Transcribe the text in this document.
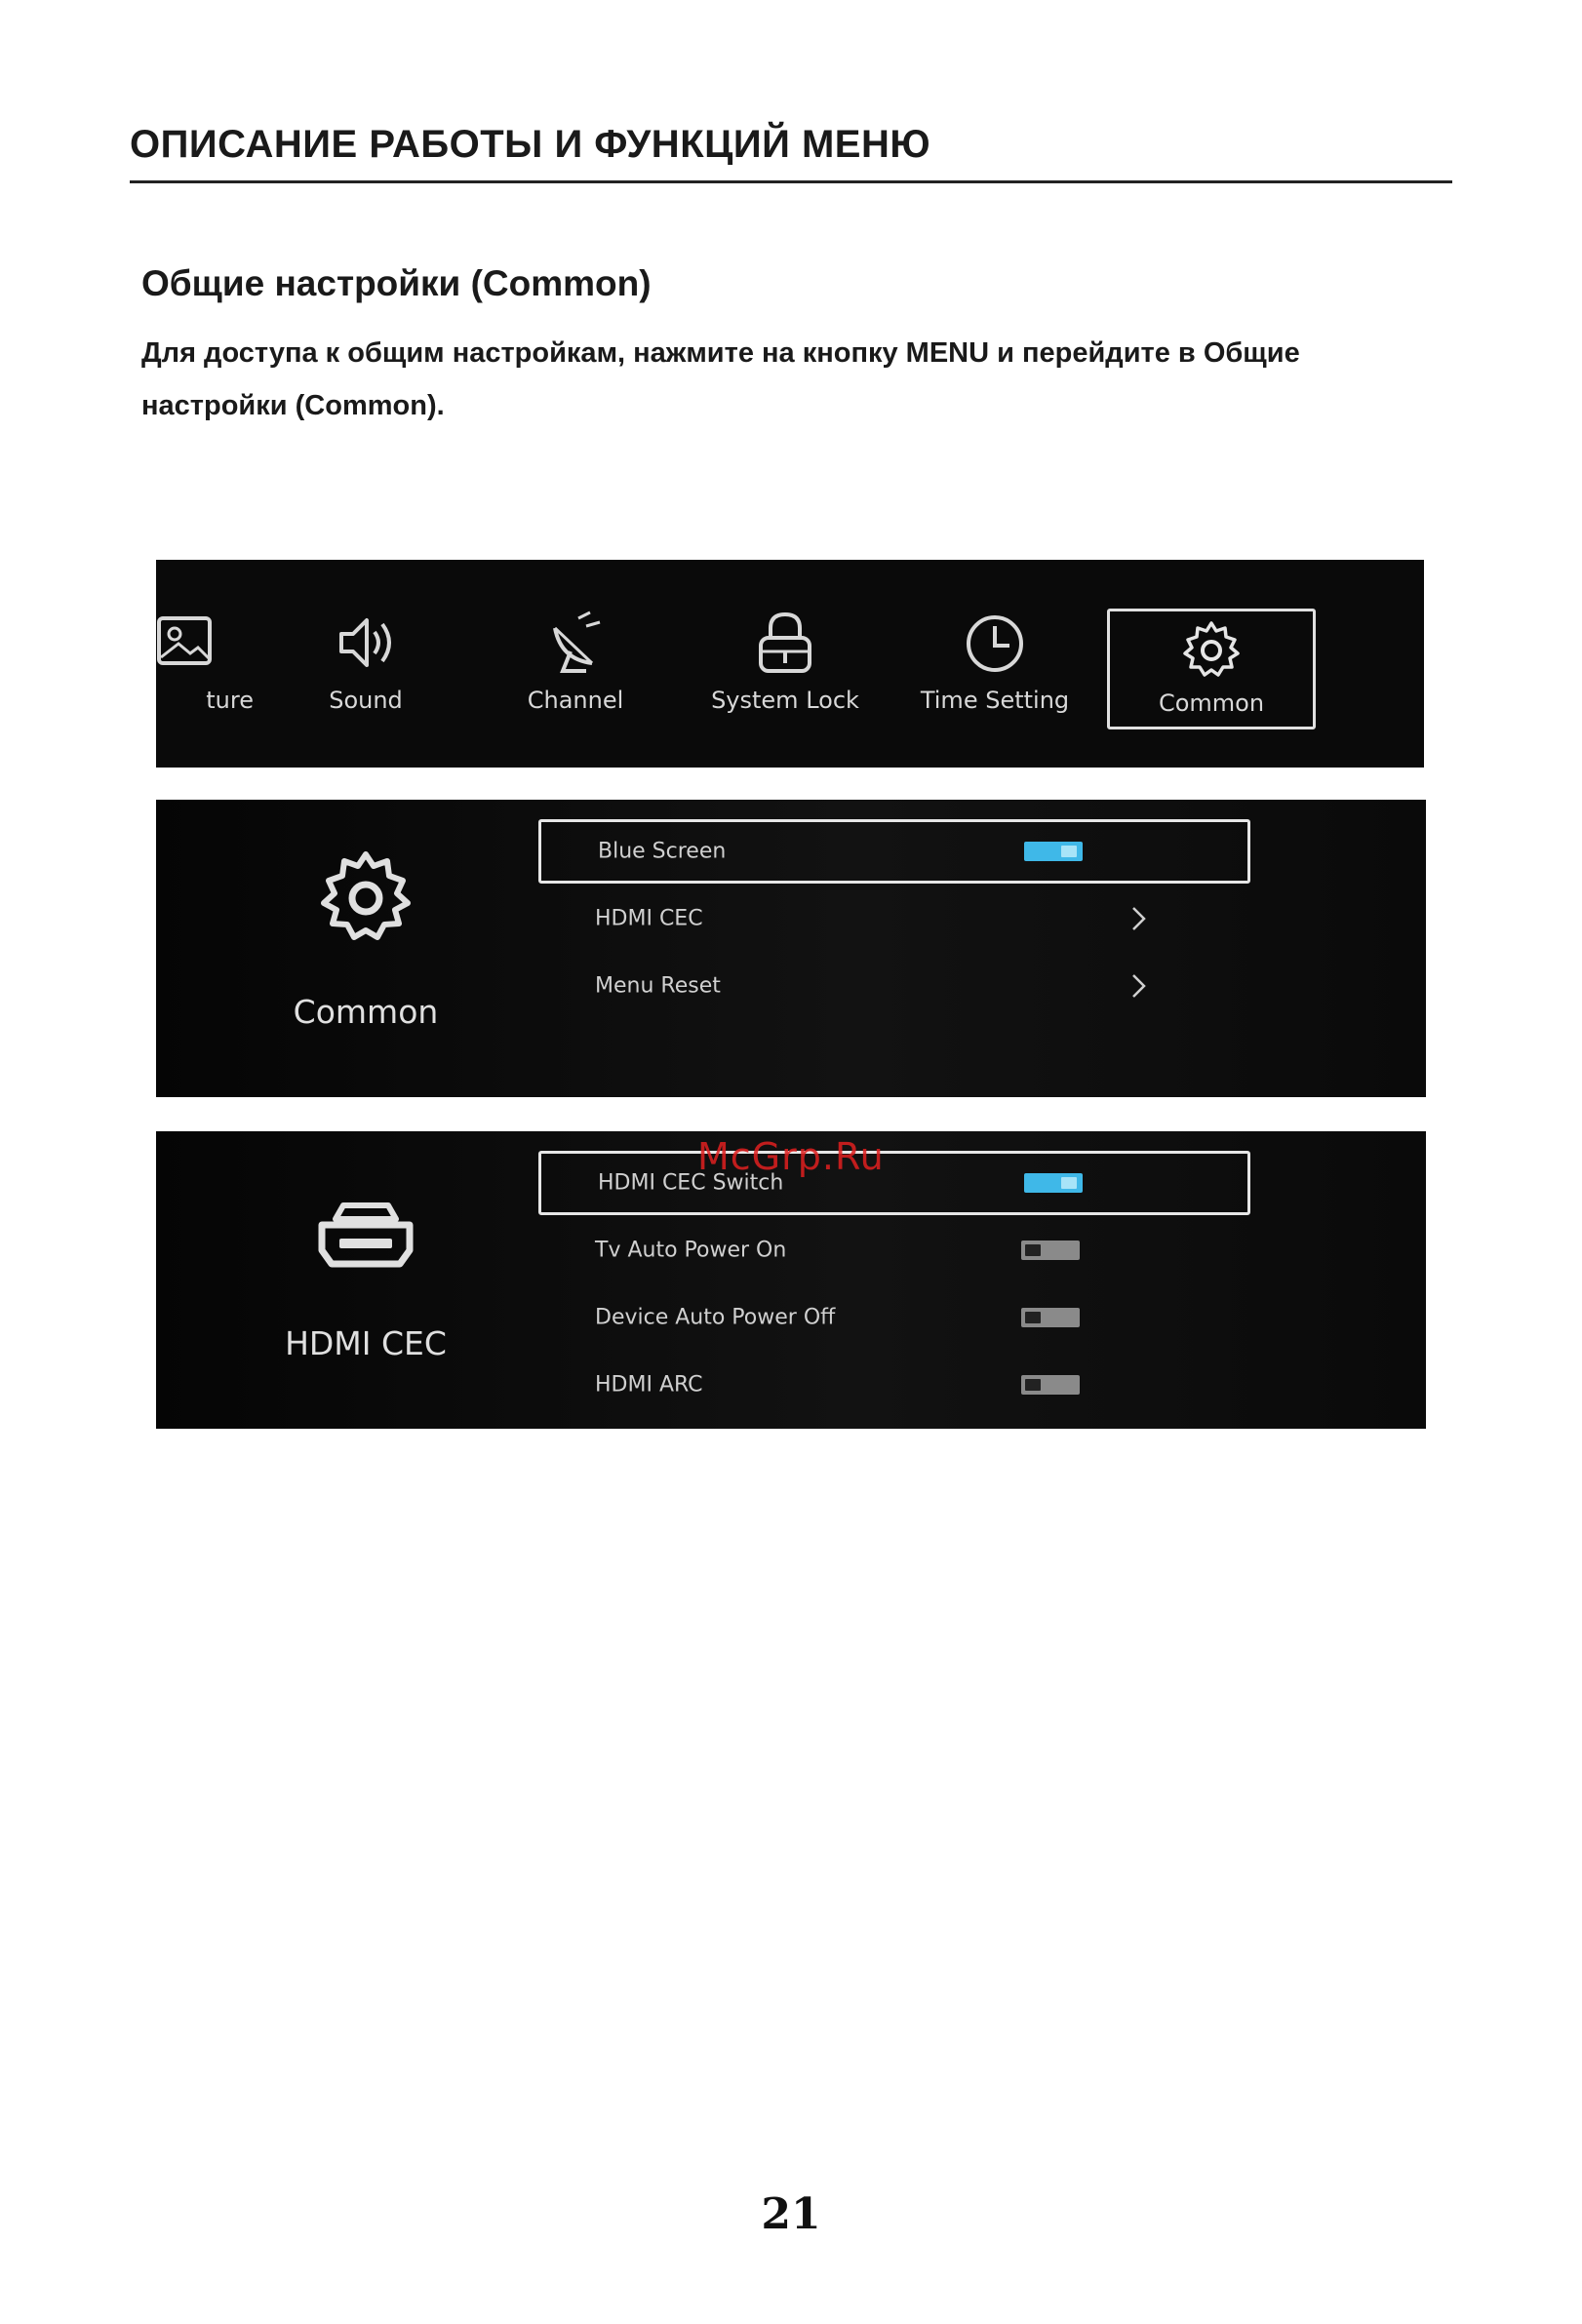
ОПИСАНИЕ РАБОТЫ И ФУНКЦИЙ МЕНЮ
Общие настройки (Common)
Для доступа к общим настройкам, нажмите на кнопку MENU и перейдите в Общие настройки (Common).
ture	Sound	Channel	System Lock	Time Setting	Common
Common
Blue Screen
HDMI CEC
Menu Reset
HDMI CEC
HDMI CEC Switch
Tv Auto Power On
Device Auto Power Off
HDMI ARC
McGrp.Ru
21
